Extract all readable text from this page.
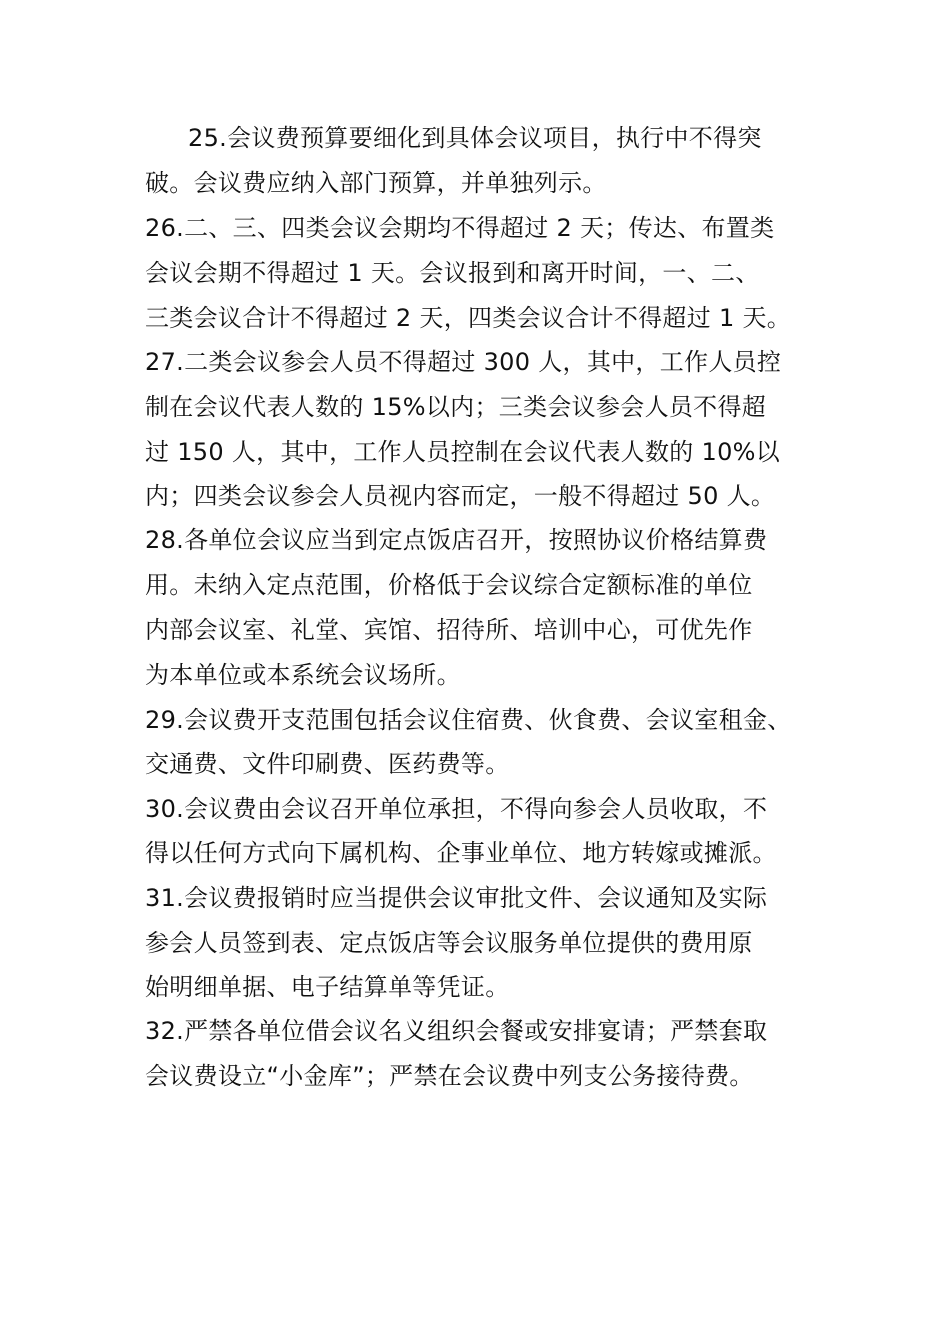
25.会议费预算要细化到具体会议项目，执行中不得突
破。会议费应纳入部门预算，并单独列示。
26.二、三、四类会议会期均不得超过 2 天；传达、布置类
会议会期不得超过 1 天。会议报到和离开时间，一、二、
三类会议合计不得超过 2 天，四类会议合计不得超过 1 天。
27.二类会议参会人员不得超过 300 人，其中，工作人员控
制在会议代表人数的 15%以内；三类会议参会人员不得超
过 150 人，其中，工作人员控制在会议代表人数的 10%以
内；四类会议参会人员视内容而定，一般不得超过 50 人。
28.各单位会议应当到定点饭店召开，按照协议价格结算费
用。未纳入定点范围，价格低于会议综合定额标准的单位
内部会议室、礼堂、宾馆、招待所、培训中心，可优先作
为本单位或本系统会议场所。
29.会议费开支范围包括会议住宿费、伙食费、会议室租金、
交通费、文件印刷费、医药费等。
30.会议费由会议召开单位承担，不得向参会人员收取，不
得以任何方式向下属机构、企事业单位、地方转嫁或摊派。
31.会议费报销时应当提供会议审批文件、会议通知及实际
参会人员签到表、定点饭店等会议服务单位提供的费用原
始明细单据、电子结算单等凭证。
32.严禁各单位借会议名义组织会餐或安排宴请；严禁套取
会议费设立“小金库”；严禁在会议费中列支公务接待费。
